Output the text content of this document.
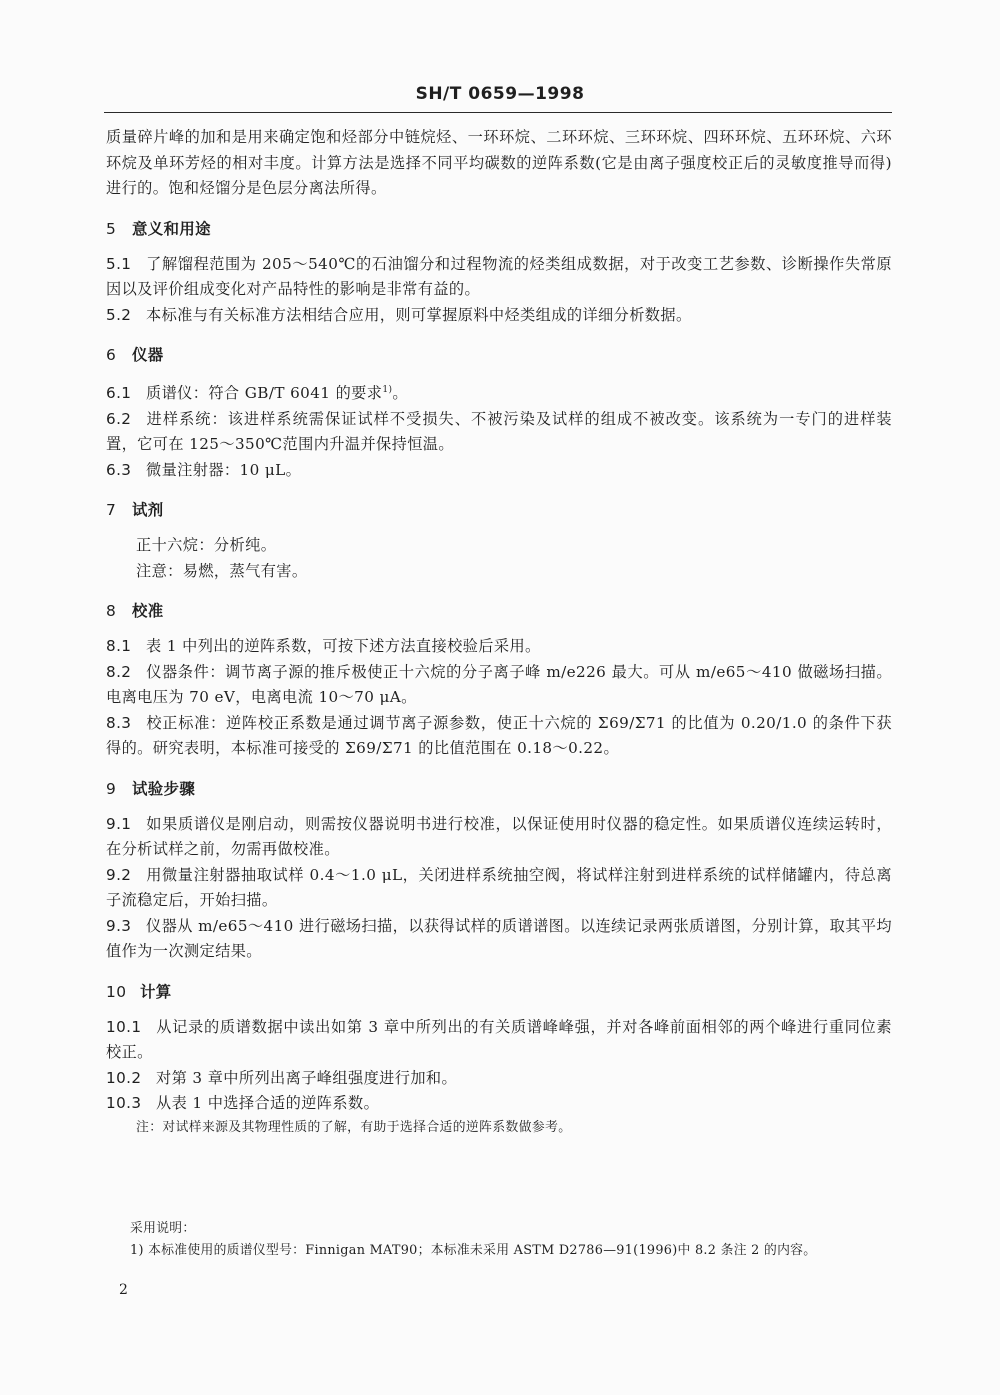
SH/T 0659—1998

质量碎片峰的加和是用来确定饱和烃部分中链烷烃、一环环烷、二环环烷、三环环烷、四环环烷、五环环烷、六环环烷及单环芳烃的相对丰度。计算方法是选择不同平均碳数的逆阵系数(它是由离子强度校正后的灵敏度推导而得)进行的。饱和烃馏分是色层分离法所得。

5 意义和用途

5.1 了解馏程范围为 205～540℃的石油馏分和过程物流的烃类组成数据，对于改变工艺参数、诊断操作失常原因以及评价组成变化对产品特性的影响是非常有益的。

5.2 本标准与有关标准方法相结合应用，则可掌握原料中烃类组成的详细分析数据。

6 仪器

6.1 质谱仪：符合 GB/T 6041 的要求$^{1)}$。

6.2 进样系统：该进样系统需保证试样不受损失、不被污染及试样的组成不被改变。该系统为一专门的进样装置，它可在 125～350℃范围内升温并保持恒温。

6.3 微量注射器：10 μL。

7 试剂

正十六烷：分析纯。

注意：易燃，蒸气有害。

8 校准

8.1 表 1 中列出的逆阵系数，可按下述方法直接校验后采用。

8.2 仪器条件：调节离子源的推斥极使正十六烷的分子离子峰 m/e226 最大。可从 m/e65～410 做磁场扫描。电离电压为 70 eV，电离电流 10～70 μA。

8.3 校正标准：逆阵校正系数是通过调节离子源参数，使正十六烷的 Σ69/Σ71 的比值为 0.20/1.0 的条件下获得的。研究表明，本标准可接受的 Σ69/Σ71 的比值范围在 0.18～0.22。

9 试验步骤

9.1 如果质谱仪是刚启动，则需按仪器说明书进行校准，以保证使用时仪器的稳定性。如果质谱仪连续运转时，在分析试样之前，勿需再做校准。

9.2 用微量注射器抽取试样 0.4～1.0 μL，关闭进样系统抽空阀，将试样注射到进样系统的试样储罐内，待总离子流稳定后，开始扫描。

9.3 仪器从 m/e65～410 进行磁场扫描，以获得试样的质谱谱图。以连续记录两张质谱图，分别计算，取其平均值作为一次测定结果。

10 计算

10.1 从记录的质谱数据中读出如第 3 章中所列出的有关质谱峰峰强，并对各峰前面相邻的两个峰进行重同位素校正。

10.2 对第 3 章中所列出离子峰组强度进行加和。

10.3 从表 1 中选择合适的逆阵系数。

注：对试样来源及其物理性质的了解，有助于选择合适的逆阵系数做参考。

采用说明：

1) 本标准使用的质谱仪型号：Finnigan MAT90；本标准未采用 ASTM D2786—91(1996)中 8.2 条注 2 的内容。

2
